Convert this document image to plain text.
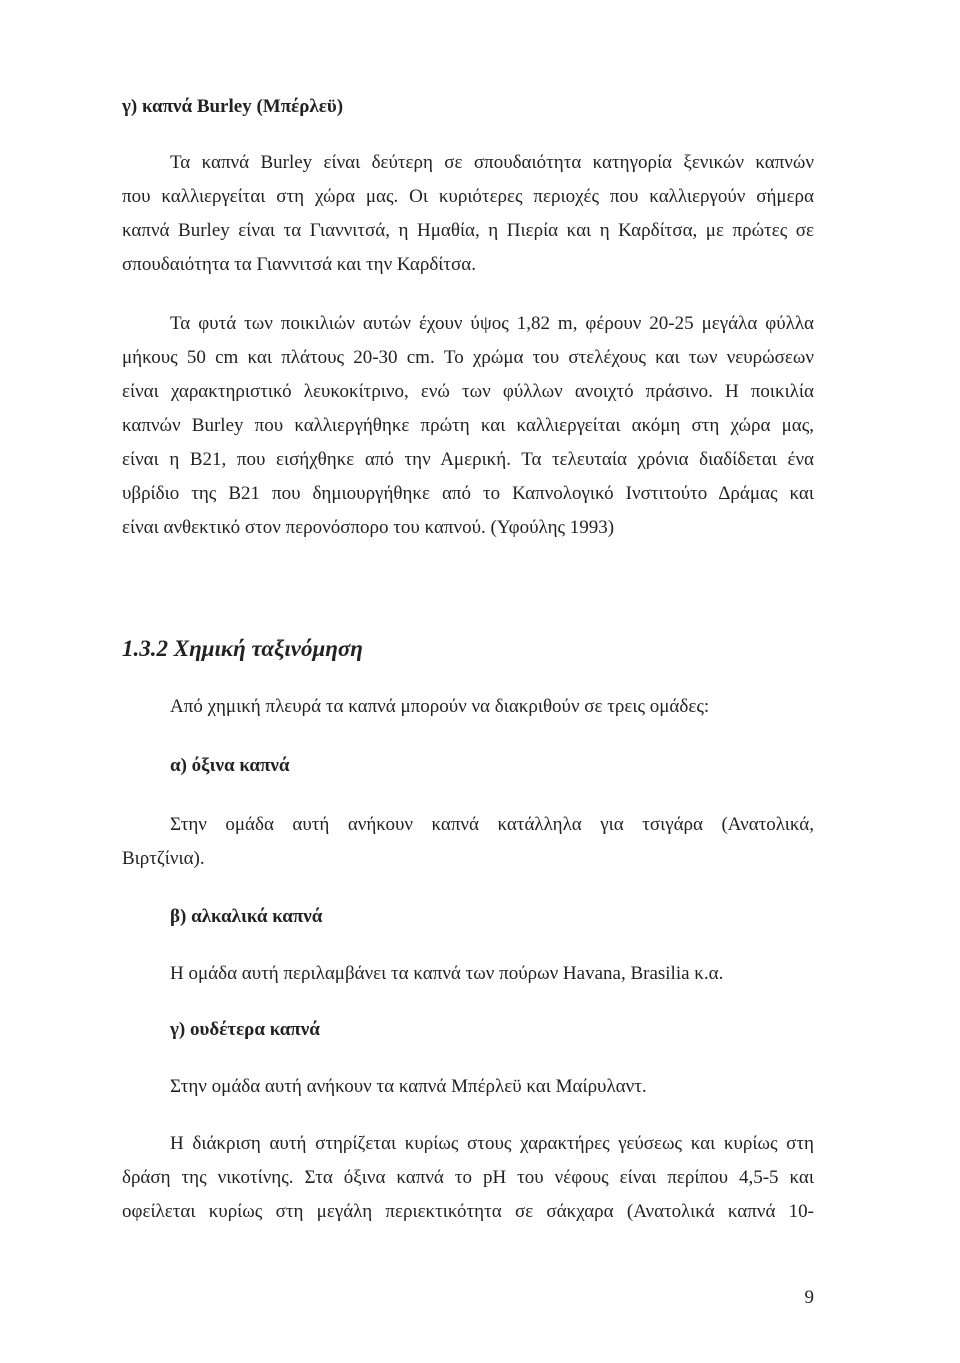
γ) καπνά Burley (Μπέρλεϋ)
Τα καπνά Burley είναι δεύτερη σε σπουδαιότητα κατηγορία ξενικών καπνών
που καλλιεργείται στη χώρα μας. Οι κυριότερες περιοχές που καλλιεργούν σήμερα
καπνά Burley είναι τα Γιαννιτσά, η Ημαθία, η Πιερία και η Καρδίτσα, με πρώτες σε
σπουδαιότητα τα Γιαννιτσά και την Καρδίτσα.
Τα φυτά των ποικιλιών αυτών έχουν ύψος 1,82 m, φέρουν 20-25 μεγάλα φύλλα
μήκους 50 cm και πλάτους 20-30 cm. Το χρώμα του στελέχους και των νευρώσεων
είναι χαρακτηριστικό λευκοκίτρινο, ενώ των φύλλων ανοιχτό πράσινο. Η ποικιλία
καπνών Burley που καλλιεργήθηκε πρώτη και καλλιεργείται ακόμη στη χώρα μας,
είναι η B21, που εισήχθηκε από την Αμερική. Τα τελευταία χρόνια διαδίδεται ένα
υβρίδιο της B21 που δημιουργήθηκε από το Καπνολογικό Ινστιτούτο Δράμας και
είναι ανθεκτικό στον περονόσπορο του καπνού. (Υφούλης 1993)
1.3.2 Χημική ταξινόμηση
Από χημική πλευρά τα καπνά μπορούν να διακριθούν σε τρεις ομάδες:
α) όξινα καπνά
Στην ομάδα αυτή ανήκουν καπνά κατάλληλα για τσιγάρα (Ανατολικά,
Βιρτζίνια).
β) αλκαλικά καπνά
Η ομάδα αυτή περιλαμβάνει τα καπνά των πούρων Havana, Brasilia κ.α.
γ) ουδέτερα καπνά
Στην ομάδα αυτή ανήκουν τα καπνά Μπέρλεϋ και Μαίρυλαντ.
Η διάκριση αυτή στηρίζεται κυρίως στους χαρακτήρες γεύσεως και κυρίως στη
δράση της νικοτίνης. Στα όξινα καπνά το pH του νέφους είναι περίπου 4,5-5 και
οφείλεται κυρίως στη μεγάλη περιεκτικότητα σε σάκχαρα (Ανατολικά καπνά 10-
9
